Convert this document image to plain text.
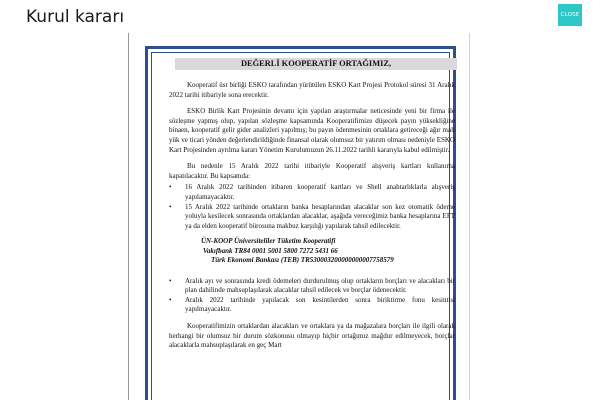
Kurul kararı	CLOSE
DEĞERLİ KOOPERATİF ORTAĞIMIZ,

Kooperatif üst birliği ESKO tarafından yürütülen ESKO Kart Projesi Protokol süresi 31 Aralık 2022 tarihi itibariyle sona erecektir.

ESKO Birlik Kart Projesinin devamı için yapılan araştırmalar neticesinde yeni bir firma ile sözleşme yapmış olup, yapılan sözleşme kapsamında Kooperatifimize düşecek payın yüksekliğine binaen, kooperatif gelir gider analizleri yapılmış; bu payın ödenmesinin ortaklara getireceği ağır mali yük ve ticari yönden değerlendirildiğinde finansal olarak olumsuz bir yatırım olması nedeniyle ESKO Kart Projesinden ayrılma kararı Yönetim Kurulumuzun 26.11.2022 tarihli kararıyla kabul edilmiştir.

Bu nedenle 15 Aralık 2022 tarihi itibariyle Kooperatif alışveriş kartları kullanıma kapatılacaktır. Bu kapsamda:

• 16 Aralık 2022 tarihinden itibaren kooperatif kartları ve Shell anahtarlıklarla alışveriş yapılamayacaktır.
• 15 Aralık 2022 tarihinde ortakların banka hesaplarından alacaklar son kez otomatik ödeme yoluyla kesilecek sonrasında ortaklardan alacaklar, aşağıda vereceğimiz banka hesaplarına EFT ya da elden kooperatif bürosuna makbuz karşılığı yapılarak tahsil edilecektir.
ÜN-KOOP Üniversiteliler Tüketim Kooperatifi
Vakıfbank TR84 0001 5001 5800 7272 5431 66
Türk Ekonomi Bankası (TEB) TR530003200000000007758579
• Aralık ayı ve sonrasında kredi ödemeleri durdurulmuş olup ortakların borçları ve alacakları bir plan dahilinde mahsuplaşılarak alacaklar tahsil edilecek ve borçlar ödenecektir.
• Aralık 2022 tarihinde yapılacak son kesintilerden sonra biriktirme fonu kesintisi yapılmayacaktır.

Kooperatifimizin ortaklardan alacakları ve ortaklara ya da mağazalara borçları ile ilgili olarak herhangi bir olumsuz bir durum sözkonusu olmayıp hiçbir ortağımız mağdur edilmeyecek, borçlar alacaklarla mahsuplaşılarak en geç Mart
